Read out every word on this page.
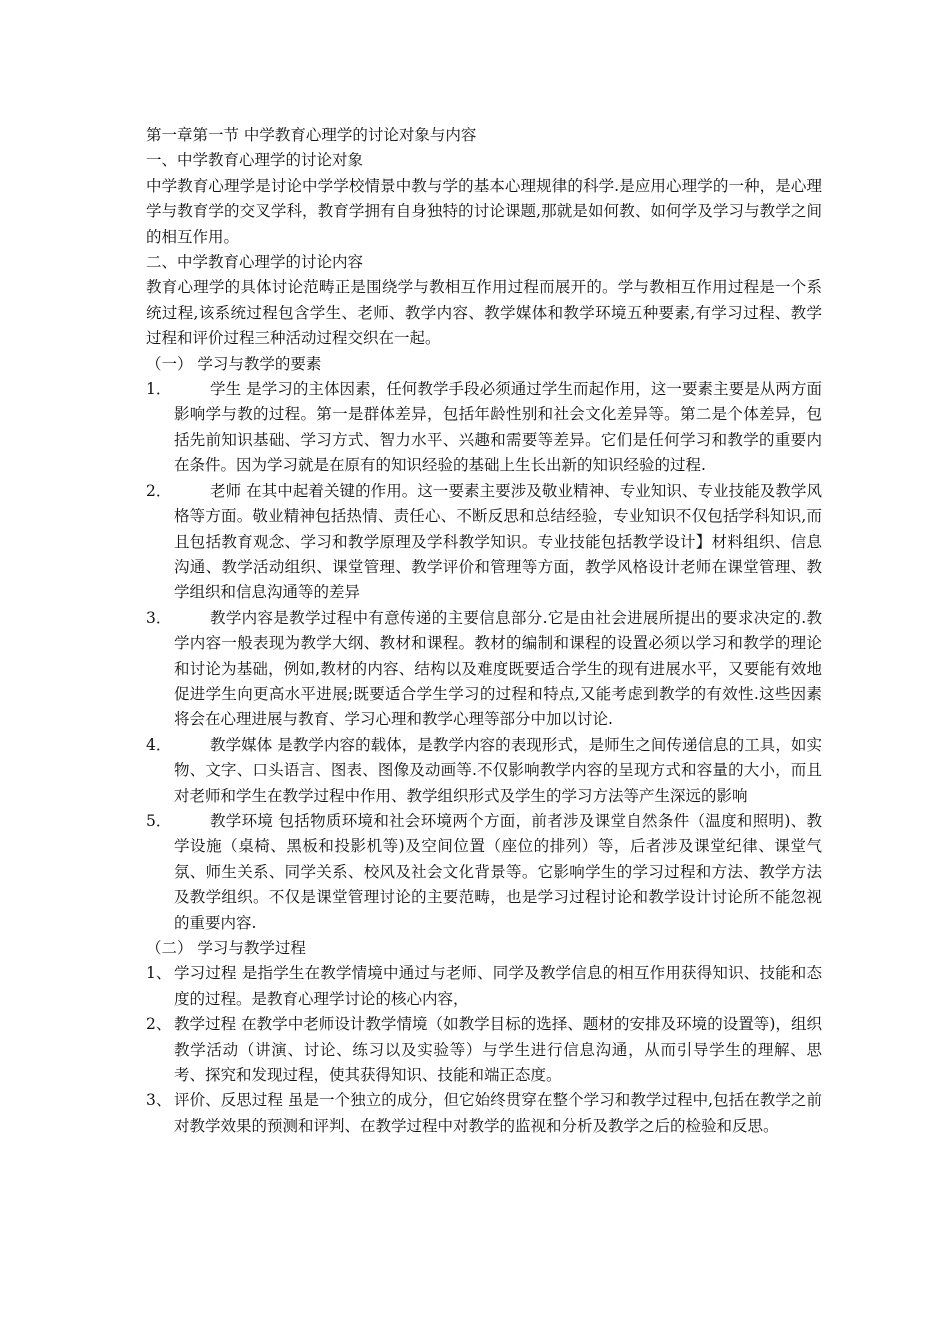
第一章第一节 中学教育心理学的讨论对象与内容
一、中学教育心理学的讨论对象
中学教育心理学是讨论中学学校情景中教与学的基本心理规律的科学.是应用心理学的一种，是心理学与教育学的交叉学科，教育学拥有自身独特的讨论课题,那就是如何教、如何学及学习与教学之间的相互作用。
二、中学教育心理学的讨论内容
教育心理学的具体讨论范畴正是围绕学与教相互作用过程而展开的。学与教相互作用过程是一个系统过程,该系统过程包含学生、老师、教学内容、教学媒体和教学环境五种要素,有学习过程、教学过程和评价过程三种活动过程交织在一起。
（一） 学习与教学的要素
1．	学生 是学习的主体因素，任何教学手段必须通过学生而起作用，这一要素主要是从两方面影响学与教的过程。第一是群体差异，包括年龄性别和社会文化差异等。第二是个体差异，包括先前知识基础、学习方式、智力水平、兴趣和需要等差异。它们是任何学习和教学的重要内在条件。因为学习就是在原有的知识经验的基础上生长出新的知识经验的过程.
2．	老师 在其中起着关键的作用。这一要素主要涉及敬业精神、专业知识、专业技能及教学风格等方面。敬业精神包括热情、责任心、不断反思和总结经验，专业知识不仅包括学科知识,而且包括教育观念、学习和教学原理及学科教学知识。专业技能包括教学设计】材料组织、信息沟通、教学活动组织、课堂管理、教学评价和管理等方面，教学风格设计老师在课堂管理、教学组织和信息沟通等的差异
3．	教学内容是教学过程中有意传递的主要信息部分.它是由社会进展所提出的要求决定的.教学内容一般表现为教学大纲、教材和课程。教材的编制和课程的设置必须以学习和教学的理论和讨论为基础，例如,教材的内容、结构以及难度既要适合学生的现有进展水平，又要能有效地促进学生向更高水平进展;既要适合学生学习的过程和特点,又能考虑到教学的有效性.这些因素将会在心理进展与教育、学习心理和教学心理等部分中加以讨论.
4．	教学媒体 是教学内容的载体，是教学内容的表现形式，是师生之间传递信息的工具，如实物、文字、口头语言、图表、图像及动画等.不仅影响教学内容的呈现方式和容量的大小，而且对老师和学生在教学过程中作用、教学组织形式及学生的学习方法等产生深远的影响
5．	教学环境 包括物质环境和社会环境两个方面，前者涉及课堂自然条件（温度和照明)、教学设施（桌椅、黑板和投影机等)及空间位置（座位的排列）等，后者涉及课堂纪律、课堂气氛、师生关系、同学关系、校风及社会文化背景等。它影响学生的学习过程和方法、教学方法及教学组织。不仅是课堂管理讨论的主要范畴，也是学习过程讨论和教学设计讨论所不能忽视的重要内容.
（二） 学习与教学过程
1、 学习过程 是指学生在教学情境中通过与老师、同学及教学信息的相互作用获得知识、技能和态度的过程。是教育心理学讨论的核心内容，
2、 教学过程 在教学中老师设计教学情境（如教学目标的选择、题材的安排及环境的设置等)，组织教学活动（讲演、讨论、练习以及实验等）与学生进行信息沟通，从而引导学生的理解、思考、探究和发现过程，使其获得知识、技能和端正态度。
3、 评价、反思过程 虽是一个独立的成分，但它始终贯穿在整个学习和教学过程中,包括在教学之前对教学效果的预测和评判、在教学过程中对教学的监视和分析及教学之后的检验和反思。
